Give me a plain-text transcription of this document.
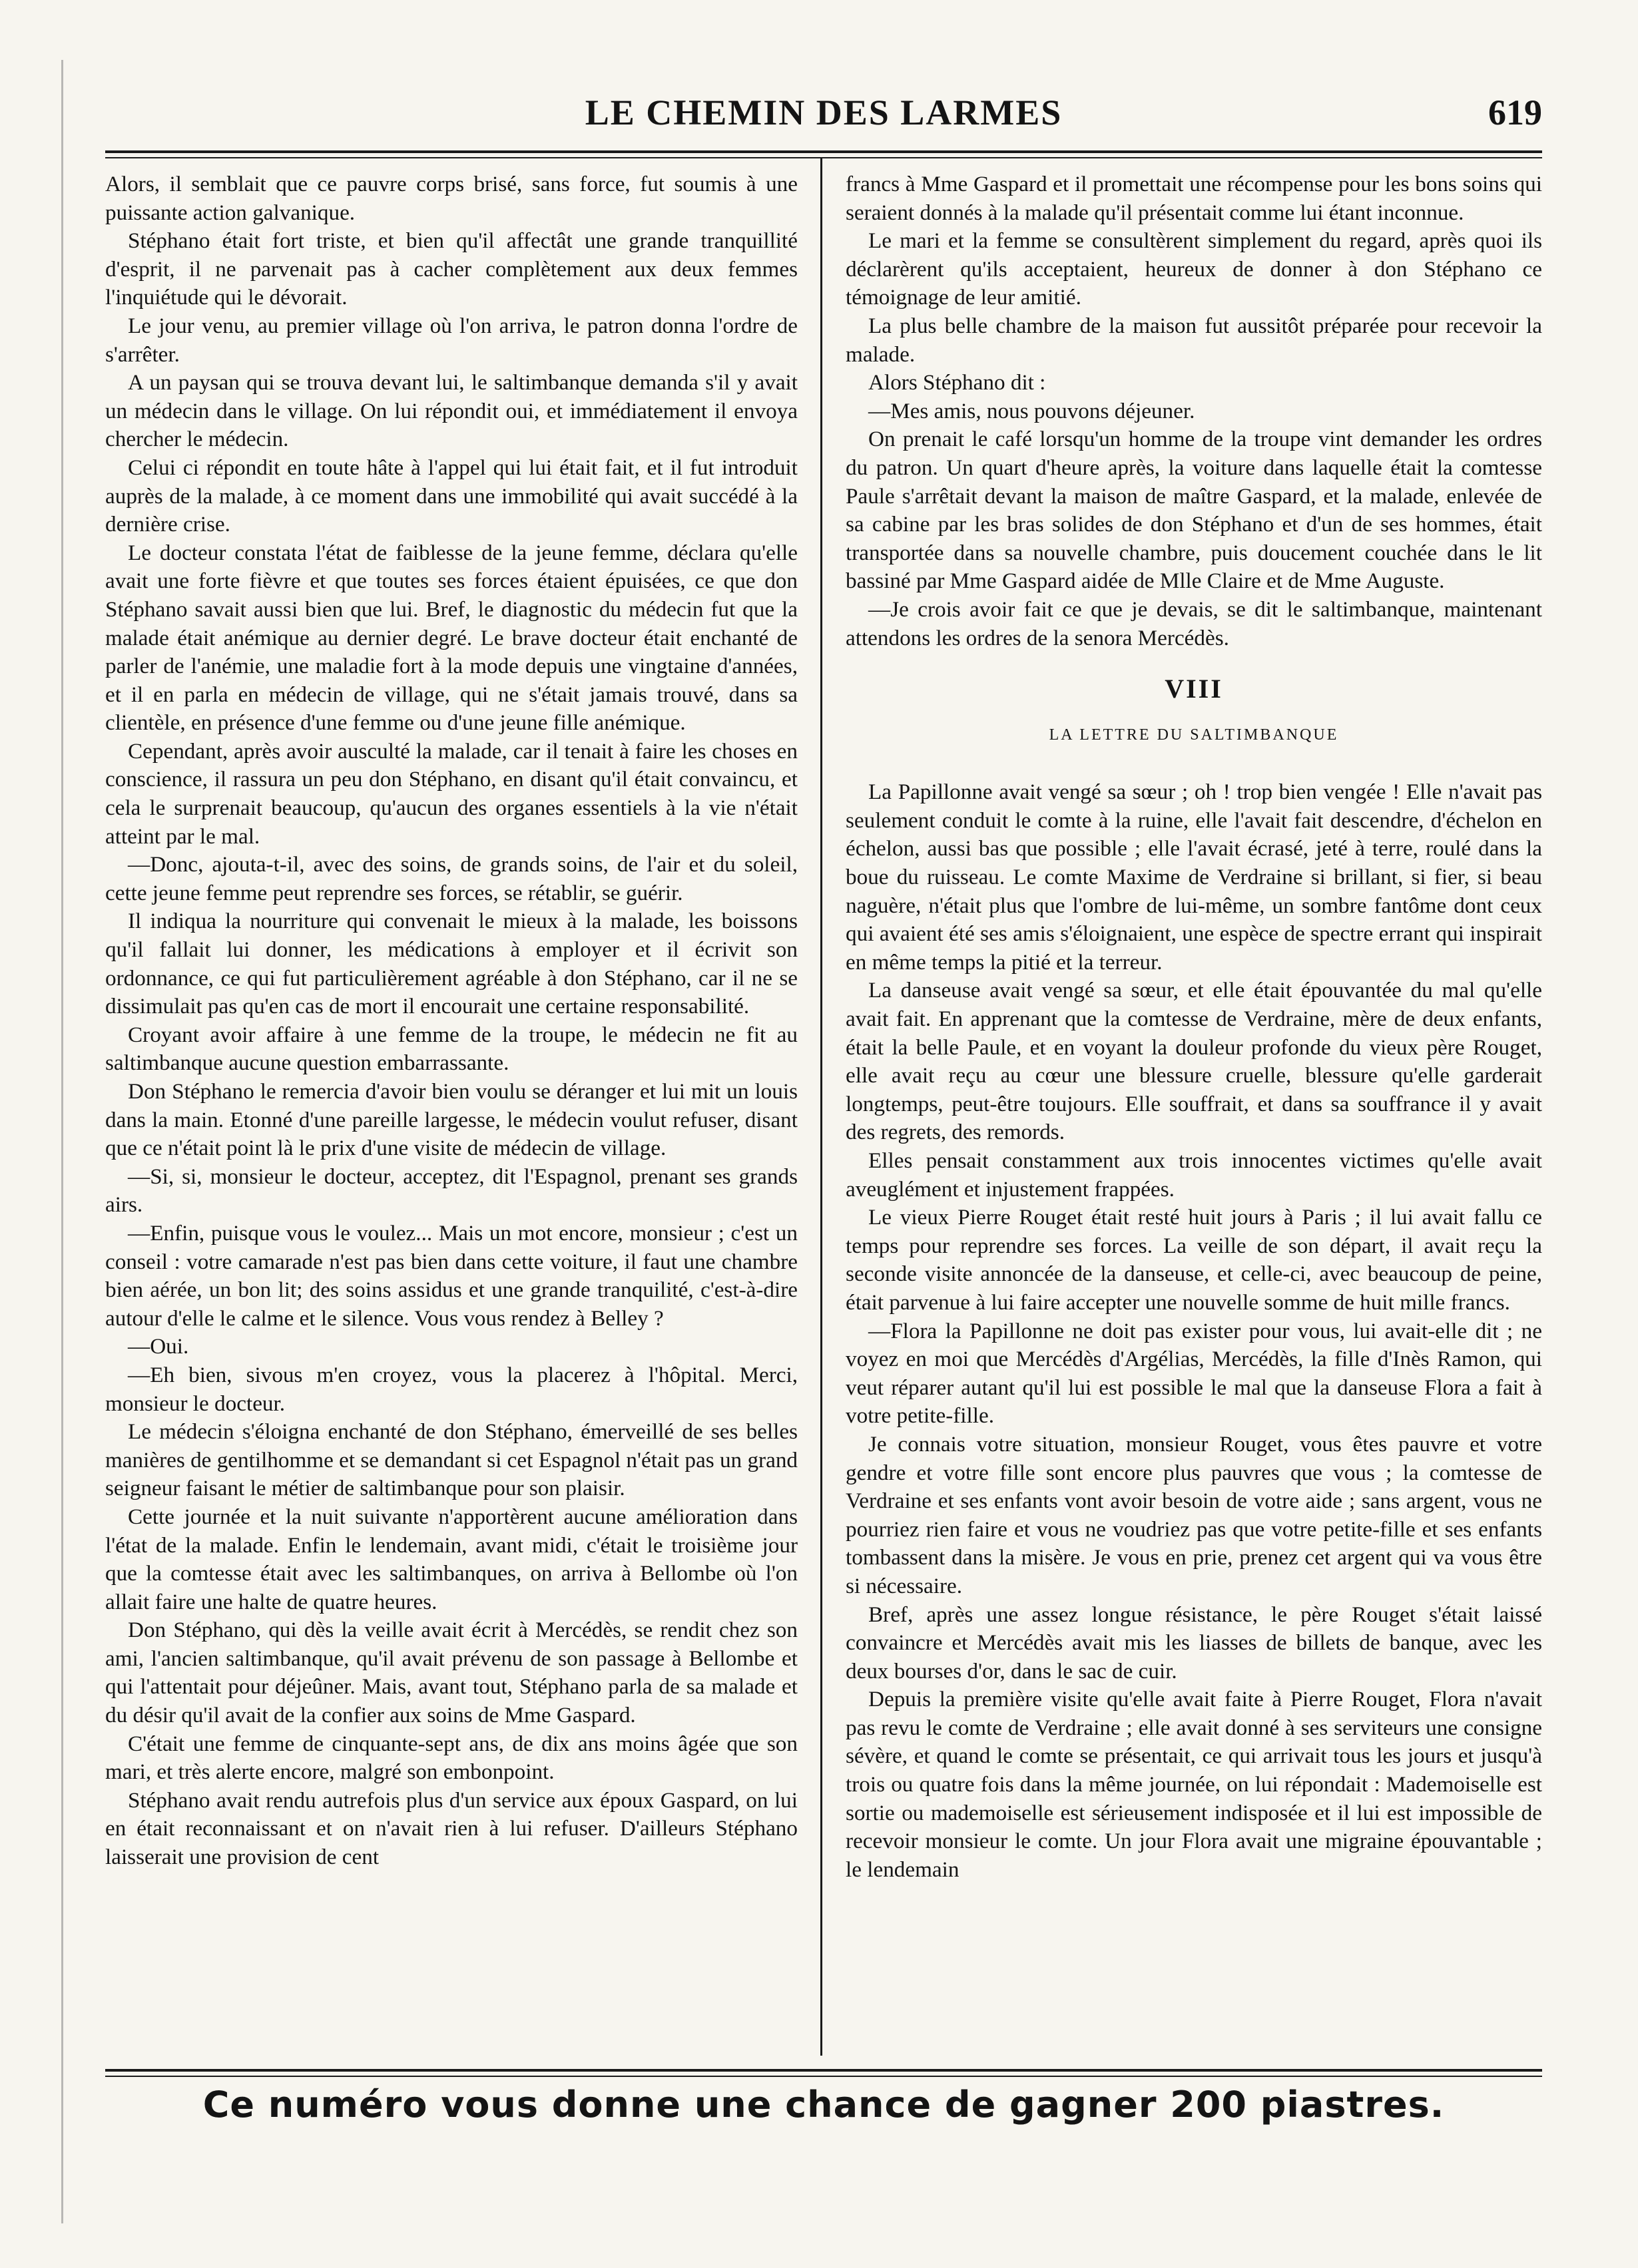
LE CHEMIN DES LARMES	619

Alors, il semblait que ce pauvre corps brisé, sans force, fut soumis à une puissante action galvanique.

Stéphano était fort triste, et bien qu'il affectât une grande tranquillité d'esprit, il ne parvenait pas à cacher complètement aux deux femmes l'inquiétude qui le dévorait.

Le jour venu, au premier village où l'on arriva, le patron donna l'ordre de s'arrêter.

A un paysan qui se trouva devant lui, le saltimbanque demanda s'il y avait un médecin dans le village. On lui répondit oui, et immédiatement il envoya chercher le médecin.

Celui ci répondit en toute hâte à l'appel qui lui était fait, et il fut introduit auprès de la malade, à ce moment dans une immobilité qui avait succédé à la dernière crise.

Le docteur constata l'état de faiblesse de la jeune femme, déclara qu'elle avait une forte fièvre et que toutes ses forces étaient épuisées, ce que don Stéphano savait aussi bien que lui. Bref, le diagnostic du médecin fut que la malade était anémique au dernier degré. Le brave docteur était enchanté de parler de l'anémie, une maladie fort à la mode depuis une vingtaine d'années, et il en parla en médecin de village, qui ne s'était jamais trouvé, dans sa clientèle, en présence d'une femme ou d'une jeune fille anémique.

Cependant, après avoir ausculté la malade, car il tenait à faire les choses en conscience, il rassura un peu don Stéphano, en disant qu'il était convaincu, et cela le surprenait beaucoup, qu'aucun des organes essentiels à la vie n'était atteint par le mal.

—Donc, ajouta-t-il, avec des soins, de grands soins, de l'air et du soleil, cette jeune femme peut reprendre ses forces, se rétablir, se guérir.

Il indiqua la nourriture qui convenait le mieux à la malade, les boissons qu'il fallait lui donner, les médications à employer et il écrivit son ordonnance, ce qui fut particulièrement agréable à don Stéphano, car il ne se dissimulait pas qu'en cas de mort il encourait une certaine responsabilité.

Croyant avoir affaire à une femme de la troupe, le médecin ne fit au saltimbanque aucune question embarrassante.

Don Stéphano le remercia d'avoir bien voulu se déranger et lui mit un louis dans la main. Etonné d'une pareille largesse, le médecin voulut refuser, disant que ce n'était point là le prix d'une visite de médecin de village.

—Si, si, monsieur le docteur, acceptez, dit l'Espagnol, prenant ses grands airs.

—Enfin, puisque vous le voulez... Mais un mot encore, monsieur ; c'est un conseil : votre camarade n'est pas bien dans cette voiture, il faut une chambre bien aérée, un bon lit; des soins assidus et une grande tranquilité, c'est-à-dire autour d'elle le calme et le silence. Vous vous rendez à Belley ?

—Oui.

—Eh bien, sivous m'en croyez, vous la placerez à l'hôpital. Merci, monsieur le docteur.

Le médecin s'éloigna enchanté de don Stéphano, émerveillé de ses belles manières de gentilhomme et se demandant si cet Espagnol n'était pas un grand seigneur faisant le métier de saltimbanque pour son plaisir.

Cette journée et la nuit suivante n'apportèrent aucune amélioration dans l'état de la malade. Enfin le lendemain, avant midi, c'était le troisième jour que la comtesse était avec les saltimbanques, on arriva à Bellombe où l'on allait faire une halte de quatre heures.

Don Stéphano, qui dès la veille avait écrit à Mercédès, se rendit chez son ami, l'ancien saltimbanque, qu'il avait prévenu de son passage à Bellombe et qui l'attentait pour déjeûner. Mais, avant tout, Stéphano parla de sa malade et du désir qu'il avait de la confier aux soins de Mme Gaspard.

C'était une femme de cinquante-sept ans, de dix ans moins âgée que son mari, et très alerte encore, malgré son embonpoint.

Stéphano avait rendu autrefois plus d'un service aux époux Gaspard, on lui en était reconnaissant et on n'avait rien à lui refuser. D'ailleurs Stéphano laisserait une provision de cent

francs à Mme Gaspard et il promettait une récompense pour les bons soins qui seraient donnés à la malade qu'il présentait comme lui étant inconnue.

Le mari et la femme se consultèrent simplement du regard, après quoi ils déclarèrent qu'ils acceptaient, heureux de donner à don Stéphano ce témoignage de leur amitié.

La plus belle chambre de la maison fut aussitôt préparée pour recevoir la malade.

Alors Stéphano dit :

—Mes amis, nous pouvons déjeuner.

On prenait le café lorsqu'un homme de la troupe vint demander les ordres du patron. Un quart d'heure après, la voiture dans laquelle était la comtesse Paule s'arrêtait devant la maison de maître Gaspard, et la malade, enlevée de sa cabine par les bras solides de don Stéphano et d'un de ses hommes, était transportée dans sa nouvelle chambre, puis doucement couchée dans le lit bassiné par Mme Gaspard aidée de Mlle Claire et de Mme Auguste.

—Je crois avoir fait ce que je devais, se dit le saltimbanque, maintenant attendons les ordres de la senora Mercédès.

VIII
LA LETTRE DU SALTIMBANQUE

La Papillonne avait vengé sa sœur ; oh ! trop bien vengée ! Elle n'avait pas seulement conduit le comte à la ruine, elle l'avait fait descendre, d'échelon en échelon, aussi bas que possible ; elle l'avait écrasé, jeté à terre, roulé dans la boue du ruisseau. Le comte Maxime de Verdraine si brillant, si fier, si beau naguère, n'était plus que l'ombre de lui-même, un sombre fantôme dont ceux qui avaient été ses amis s'éloignaient, une espèce de spectre errant qui inspirait en même temps la pitié et la terreur.

La danseuse avait vengé sa sœur, et elle était épouvantée du mal qu'elle avait fait. En apprenant que la comtesse de Verdraine, mère de deux enfants, était la belle Paule, et en voyant la douleur profonde du vieux père Rouget, elle avait reçu au cœur une blessure cruelle, blessure qu'elle garderait longtemps, peut-être toujours. Elle souffrait, et dans sa souffrance il y avait des regrets, des remords.

Elles pensait constamment aux trois innocentes victimes qu'elle avait aveuglément et injustement frappées.

Le vieux Pierre Rouget était resté huit jours à Paris ; il lui avait fallu ce temps pour reprendre ses forces. La veille de son départ, il avait reçu la seconde visite annoncée de la danseuse, et celle-ci, avec beaucoup de peine, était parvenue à lui faire accepter une nouvelle somme de huit mille francs.

—Flora la Papillonne ne doit pas exister pour vous, lui avait-elle dit ; ne voyez en moi que Mercédès d'Argélias, Mercédès, la fille d'Inès Ramon, qui veut réparer autant qu'il lui est possible le mal que la danseuse Flora a fait à votre petite-fille.

Je connais votre situation, monsieur Rouget, vous êtes pauvre et votre gendre et votre fille sont encore plus pauvres que vous ; la comtesse de Verdraine et ses enfants vont avoir besoin de votre aide ; sans argent, vous ne pourriez rien faire et vous ne voudriez pas que votre petite-fille et ses enfants tombassent dans la misère. Je vous en prie, prenez cet argent qui va vous être si nécessaire.

Bref, après une assez longue résistance, le père Rouget s'était laissé convaincre et Mercédès avait mis les liasses de billets de banque, avec les deux bourses d'or, dans le sac de cuir.

Depuis la première visite qu'elle avait faite à Pierre Rouget, Flora n'avait pas revu le comte de Verdraine ; elle avait donné à ses serviteurs une consigne sévère, et quand le comte se présentait, ce qui arrivait tous les jours et jusqu'à trois ou quatre fois dans la même journée, on lui répondait : Mademoiselle est sortie ou mademoiselle est sérieusement indisposée et il lui est impossible de recevoir monsieur le comte. Un jour Flora avait une migraine épouvantable ; le lendemain

Ce numéro vous donne une chance de gagner 200 piastres.
